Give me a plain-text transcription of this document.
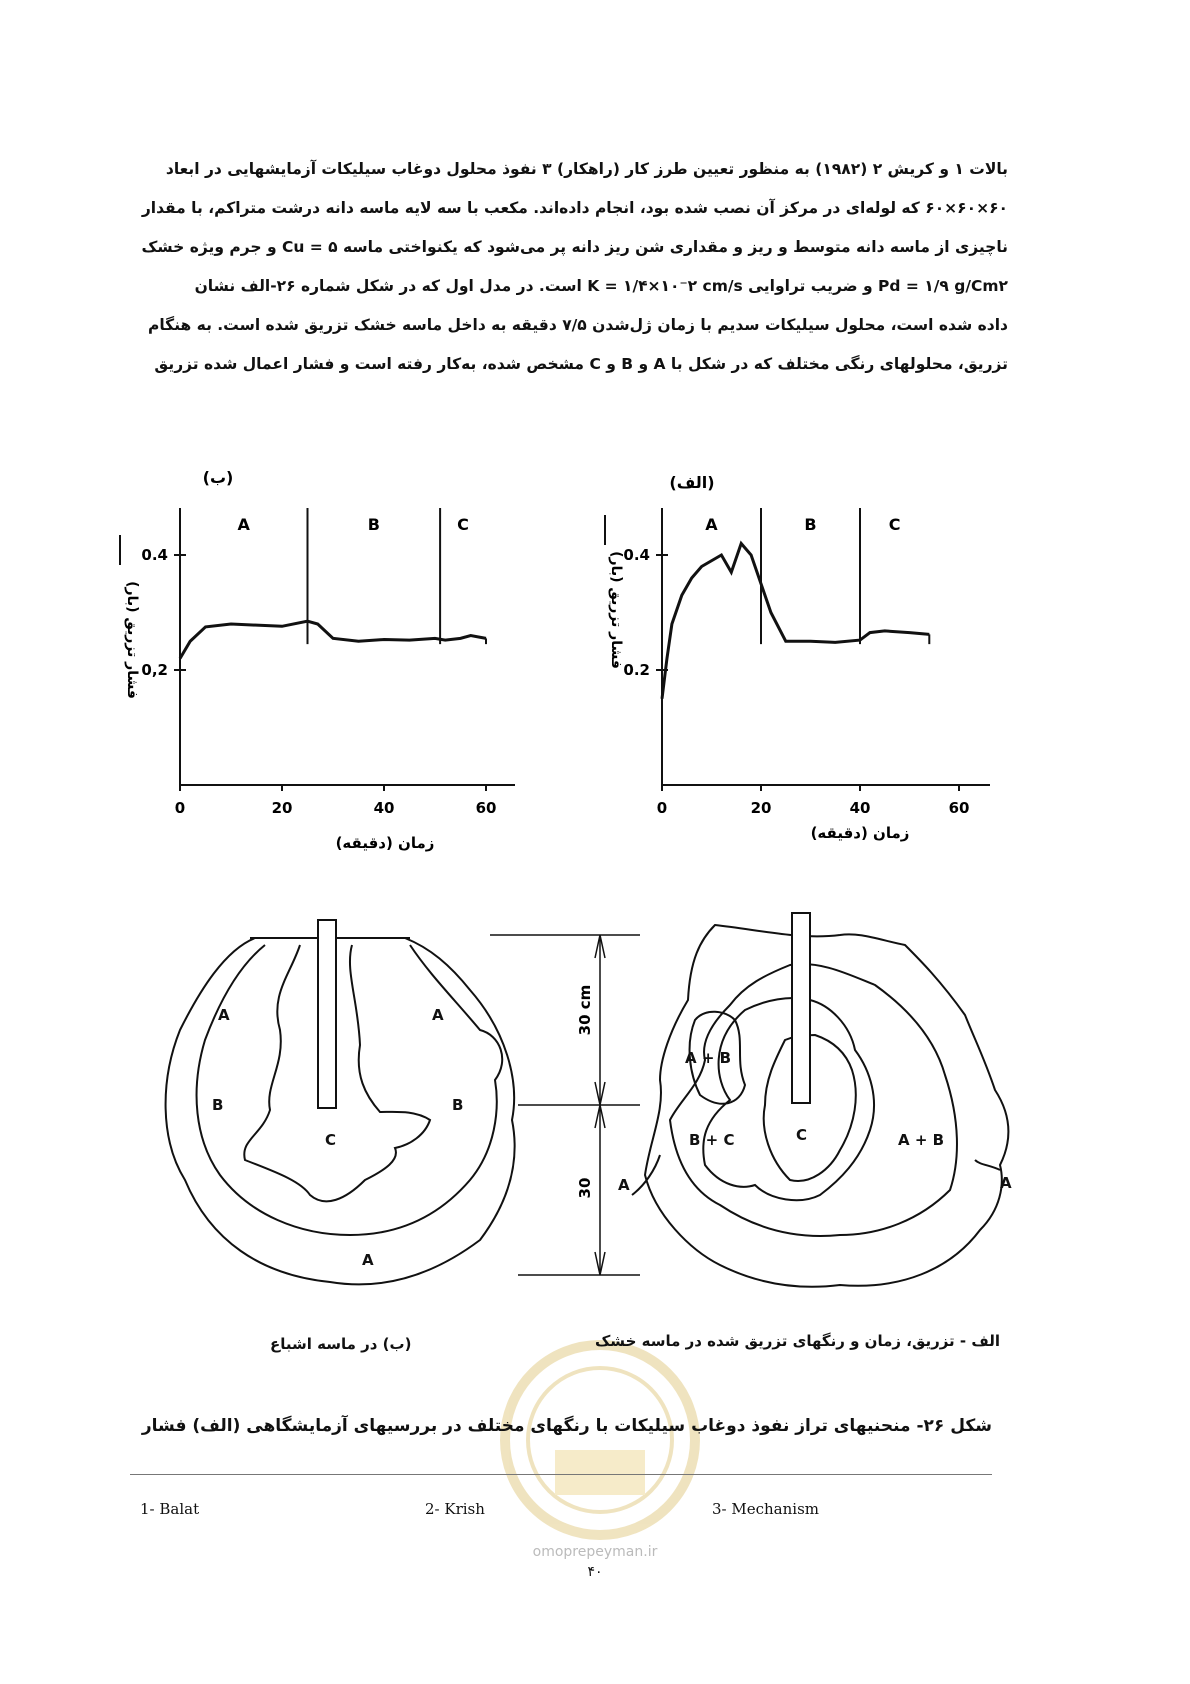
بالات ۱ و کریش ۲ (۱۹۸۲) به منظور تعیین طرز کار (راهکار) ۳ نفوذ محلول دوغاب سیلیکات آزمایشهایی در ابعاد

۶۰×۶۰×۶۰ که لوله‌ای در مرکز آن نصب شده بود، انجام داده‌اند. مکعب با سه لایه ماسه دانه درشت متراکم، با مقدار

ناچیزی از ماسه دانه متوسط و ریز و مقداری شن ریز دانه پر می‌شود که یکنواختی ماسه Cu = ۵ و جرم ویژه خشک

Pd = ۱/۹ g/Cm۲ و ضریب تراوایی K = ۱/۴×۱۰⁻۲ cm/s است. در مدل اول که در شکل شماره ۲۶-الف نشان

داده شده است، محلول سیلیکات سدیم با زمان ژل‌شدن ۷/۵ دقیقه به داخل ماسه خشک تزریق شده است. به هنگام

تزریق، محلولهای رنگی مختلف که در شکل با A و B و C مشخص شده، به‌کار رفته است و فشار اعمال شده تزریق

(ب)
فشار تزریق (بار)
زمان (دقیقه)
0	20	40	60
0,2
0.4
A	B	C
(الف)
فشار تزریق (بار)
زمان (دقیقه)
0	20	40	60
0.2
0.4
A	B	C
A	A
B	B
C
A
30 cm
30
A + B
C
B + C	A + B
A	A
الف - تزریق، زمان و رنگهای تزریق شده در ماسه خشک
(ب) در ماسه اشباع
شکل ۲۶- منحنیهای تراز نفوذ دوغاب سیلیکات با رنگهای مختلف در بررسیهای آزمایشگاهی (الف) فشار
1- Balat	2- Krish	3- Mechanism
omoprepeyman.ir
۴۰
